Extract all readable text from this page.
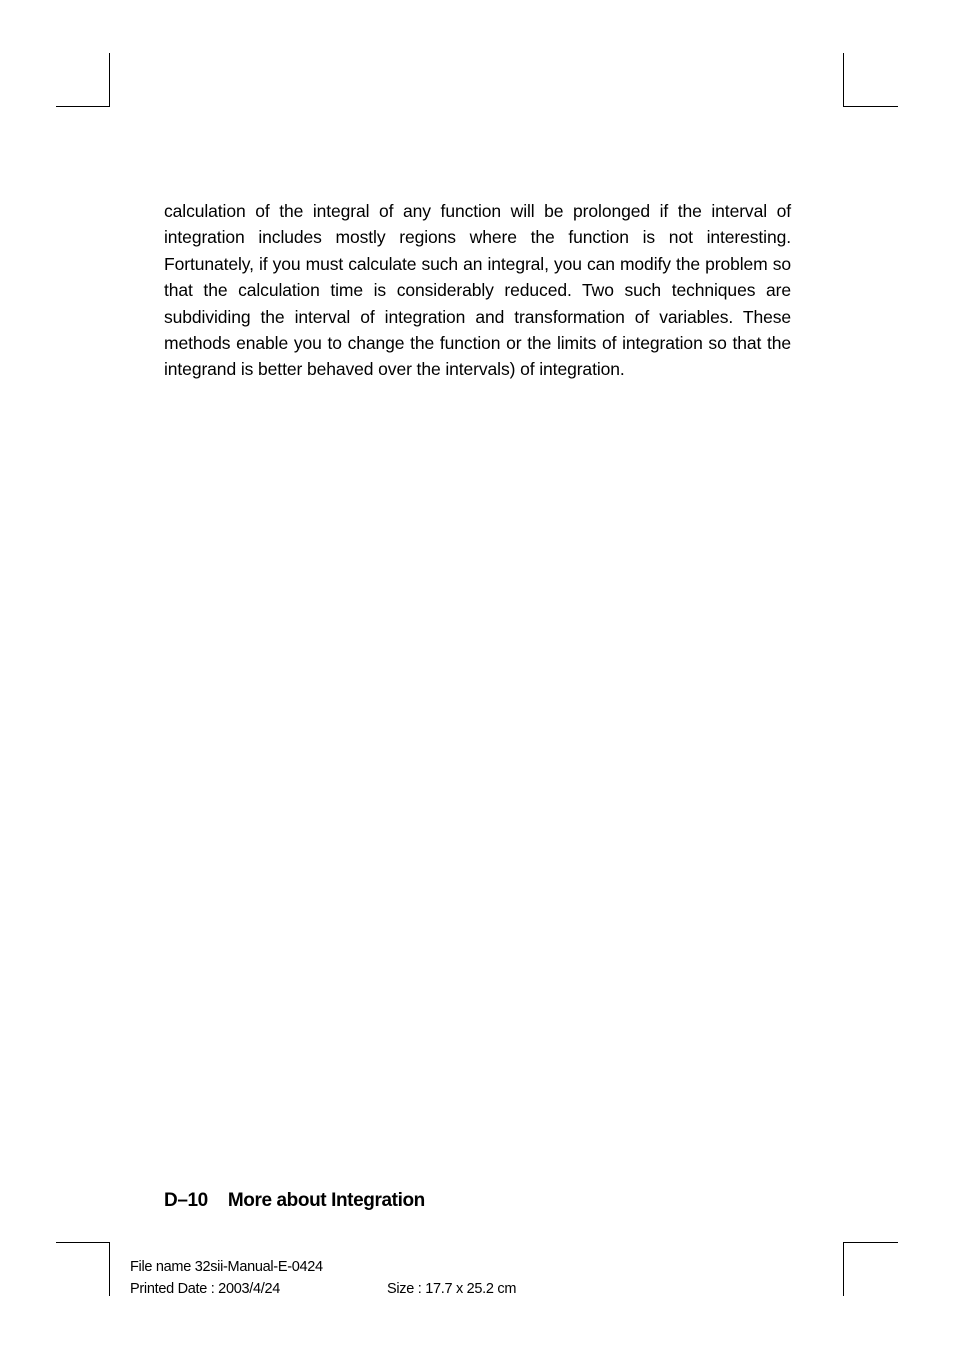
calculation of the integral of any function will be prolonged if the interval of integration includes mostly regions where the function is not interesting. Fortunately, if you must calculate such an integral, you can modify the problem so that the calculation time is considerably reduced. Two such techniques are subdividing the interval of integration and transformation of variables. These methods enable you to change the function or the limits of integration so that the integrand is better behaved over the intervals) of integration.

D–10 More about Integration
File name 32sii-Manual-E-0424
Printed Date : 2003/4/24	Size : 17.7 x 25.2 cm
